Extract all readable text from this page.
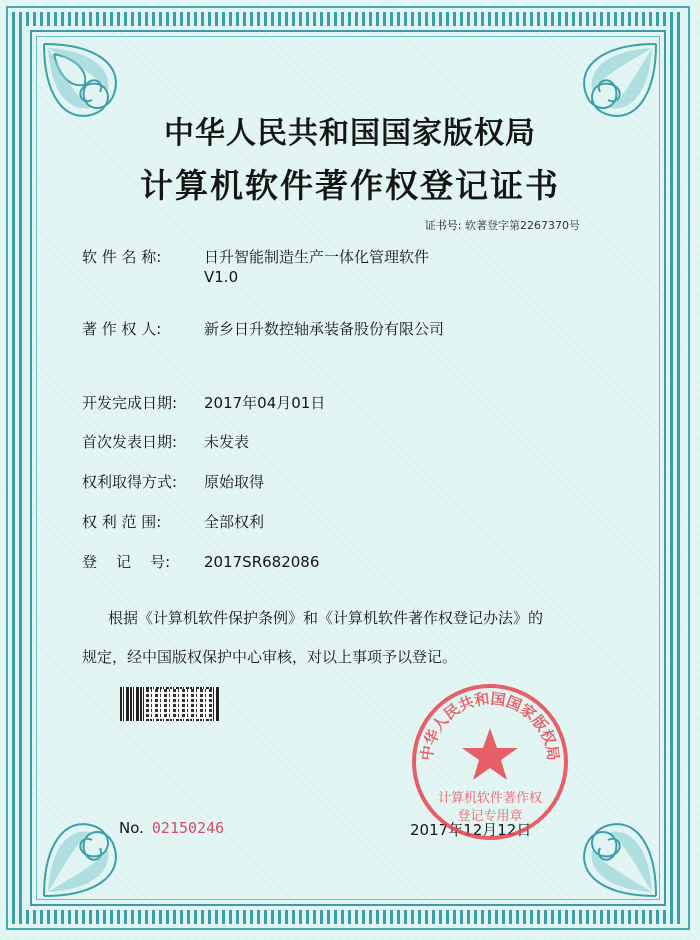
中华人民共和国国家版权局
计算机软件著作权登记证书
证书号: 软著登字第2267370号
软 件 名 称:	日升智能制造生产一体化管理软件
V1.0
著 作 权 人:	新乡日升数控轴承装备股份有限公司
开发完成日期: 2017年04月01日
首次发表日期: 未发表
权利取得方式: 原始取得
权 利 范 围:	全部权利
登    记    号: 2017SR682086
根据《计算机软件保护条例》和《计算机软件著作权登记办法》的
规定，经中国版权保护中心审核，对以上事项予以登记。
No. 02150246	2017年12月12日
中华人民共和国国家版权局
计算机软件著作权
登记专用章
